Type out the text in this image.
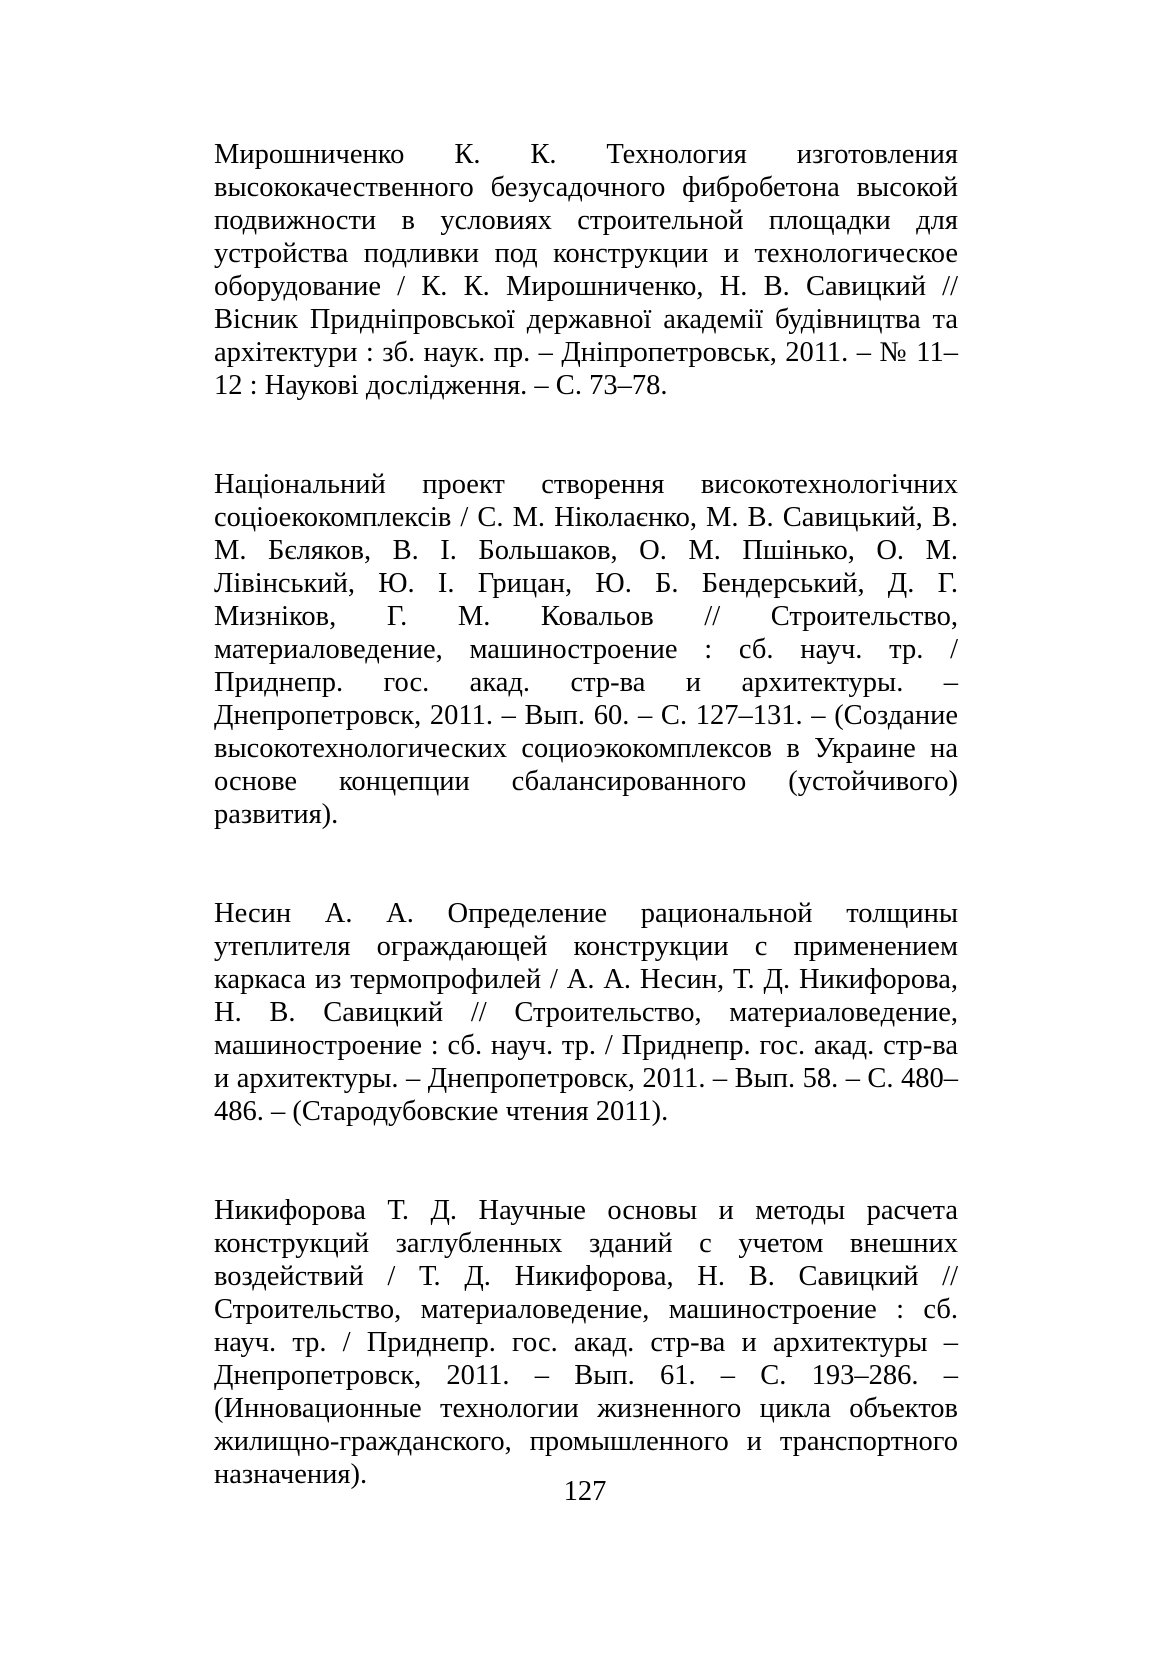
Мирошниченко К. К. Технология изготовления высококачественного безусадочного фибробетона высокой подвижности в условиях строительной площадки для устройства подливки под конструкции и технологическое оборудование / К. К. Мирошниченко, Н. В. Савицкий // Вісник Придніпровської державної академії будівництва та архітектури : зб. наук. пр. – Дніпропетровськ, 2011. – № 11–12 : Наукові дослідження. – С. 73–78.

Національний проект створення високотехнологічних соціоекокомплексів / С. М. Ніколаєнко, М. В. Савицький, В. М. Бєляков, В. І. Большаков, О. М. Пшінько, О. М. Лівінський, Ю. І. Грицан, Ю. Б. Бендерський, Д. Г. Мизніков, Г. М. Ковальов // Строительство, материаловедение, машиностроение : сб. науч. тр. / Приднепр. гос. акад. стр-ва и архитектуры. – Днепропетровск, 2011. – Вып. 60. – С. 127–131. – (Создание высокотехнологических социоэкокомплексов в Украине на основе концепции сбалансированного (устойчивого) развития).

Несин А. А. Определение рациональной толщины утеплителя ограждающей конструкции с применением каркаса из термопрофилей / А. А. Несин, Т. Д. Никифорова, Н. В. Савицкий // Строительство, материаловедение, машиностроение : сб. науч. тр. / Приднепр. гос. акад. стр-ва и архитектуры. – Днепропетровск, 2011. – Вып. 58. – С. 480–486. – (Стародубовские чтения 2011).

Никифорова Т. Д. Научные основы и методы расчета конструкций заглубленных зданий с учетом внешних воздействий / Т. Д. Никифорова, Н. В. Савицкий // Строительство, материаловедение, машиностроение : сб. науч. тр. / Приднепр. гос. акад. стр-ва и архитектуры – Днепропетровск, 2011. – Вып. 61. – С. 193–286. – (Инновационные технологии жизненного цикла объектов жилищно-гражданского, промышленного и транспортного назначения).

127
